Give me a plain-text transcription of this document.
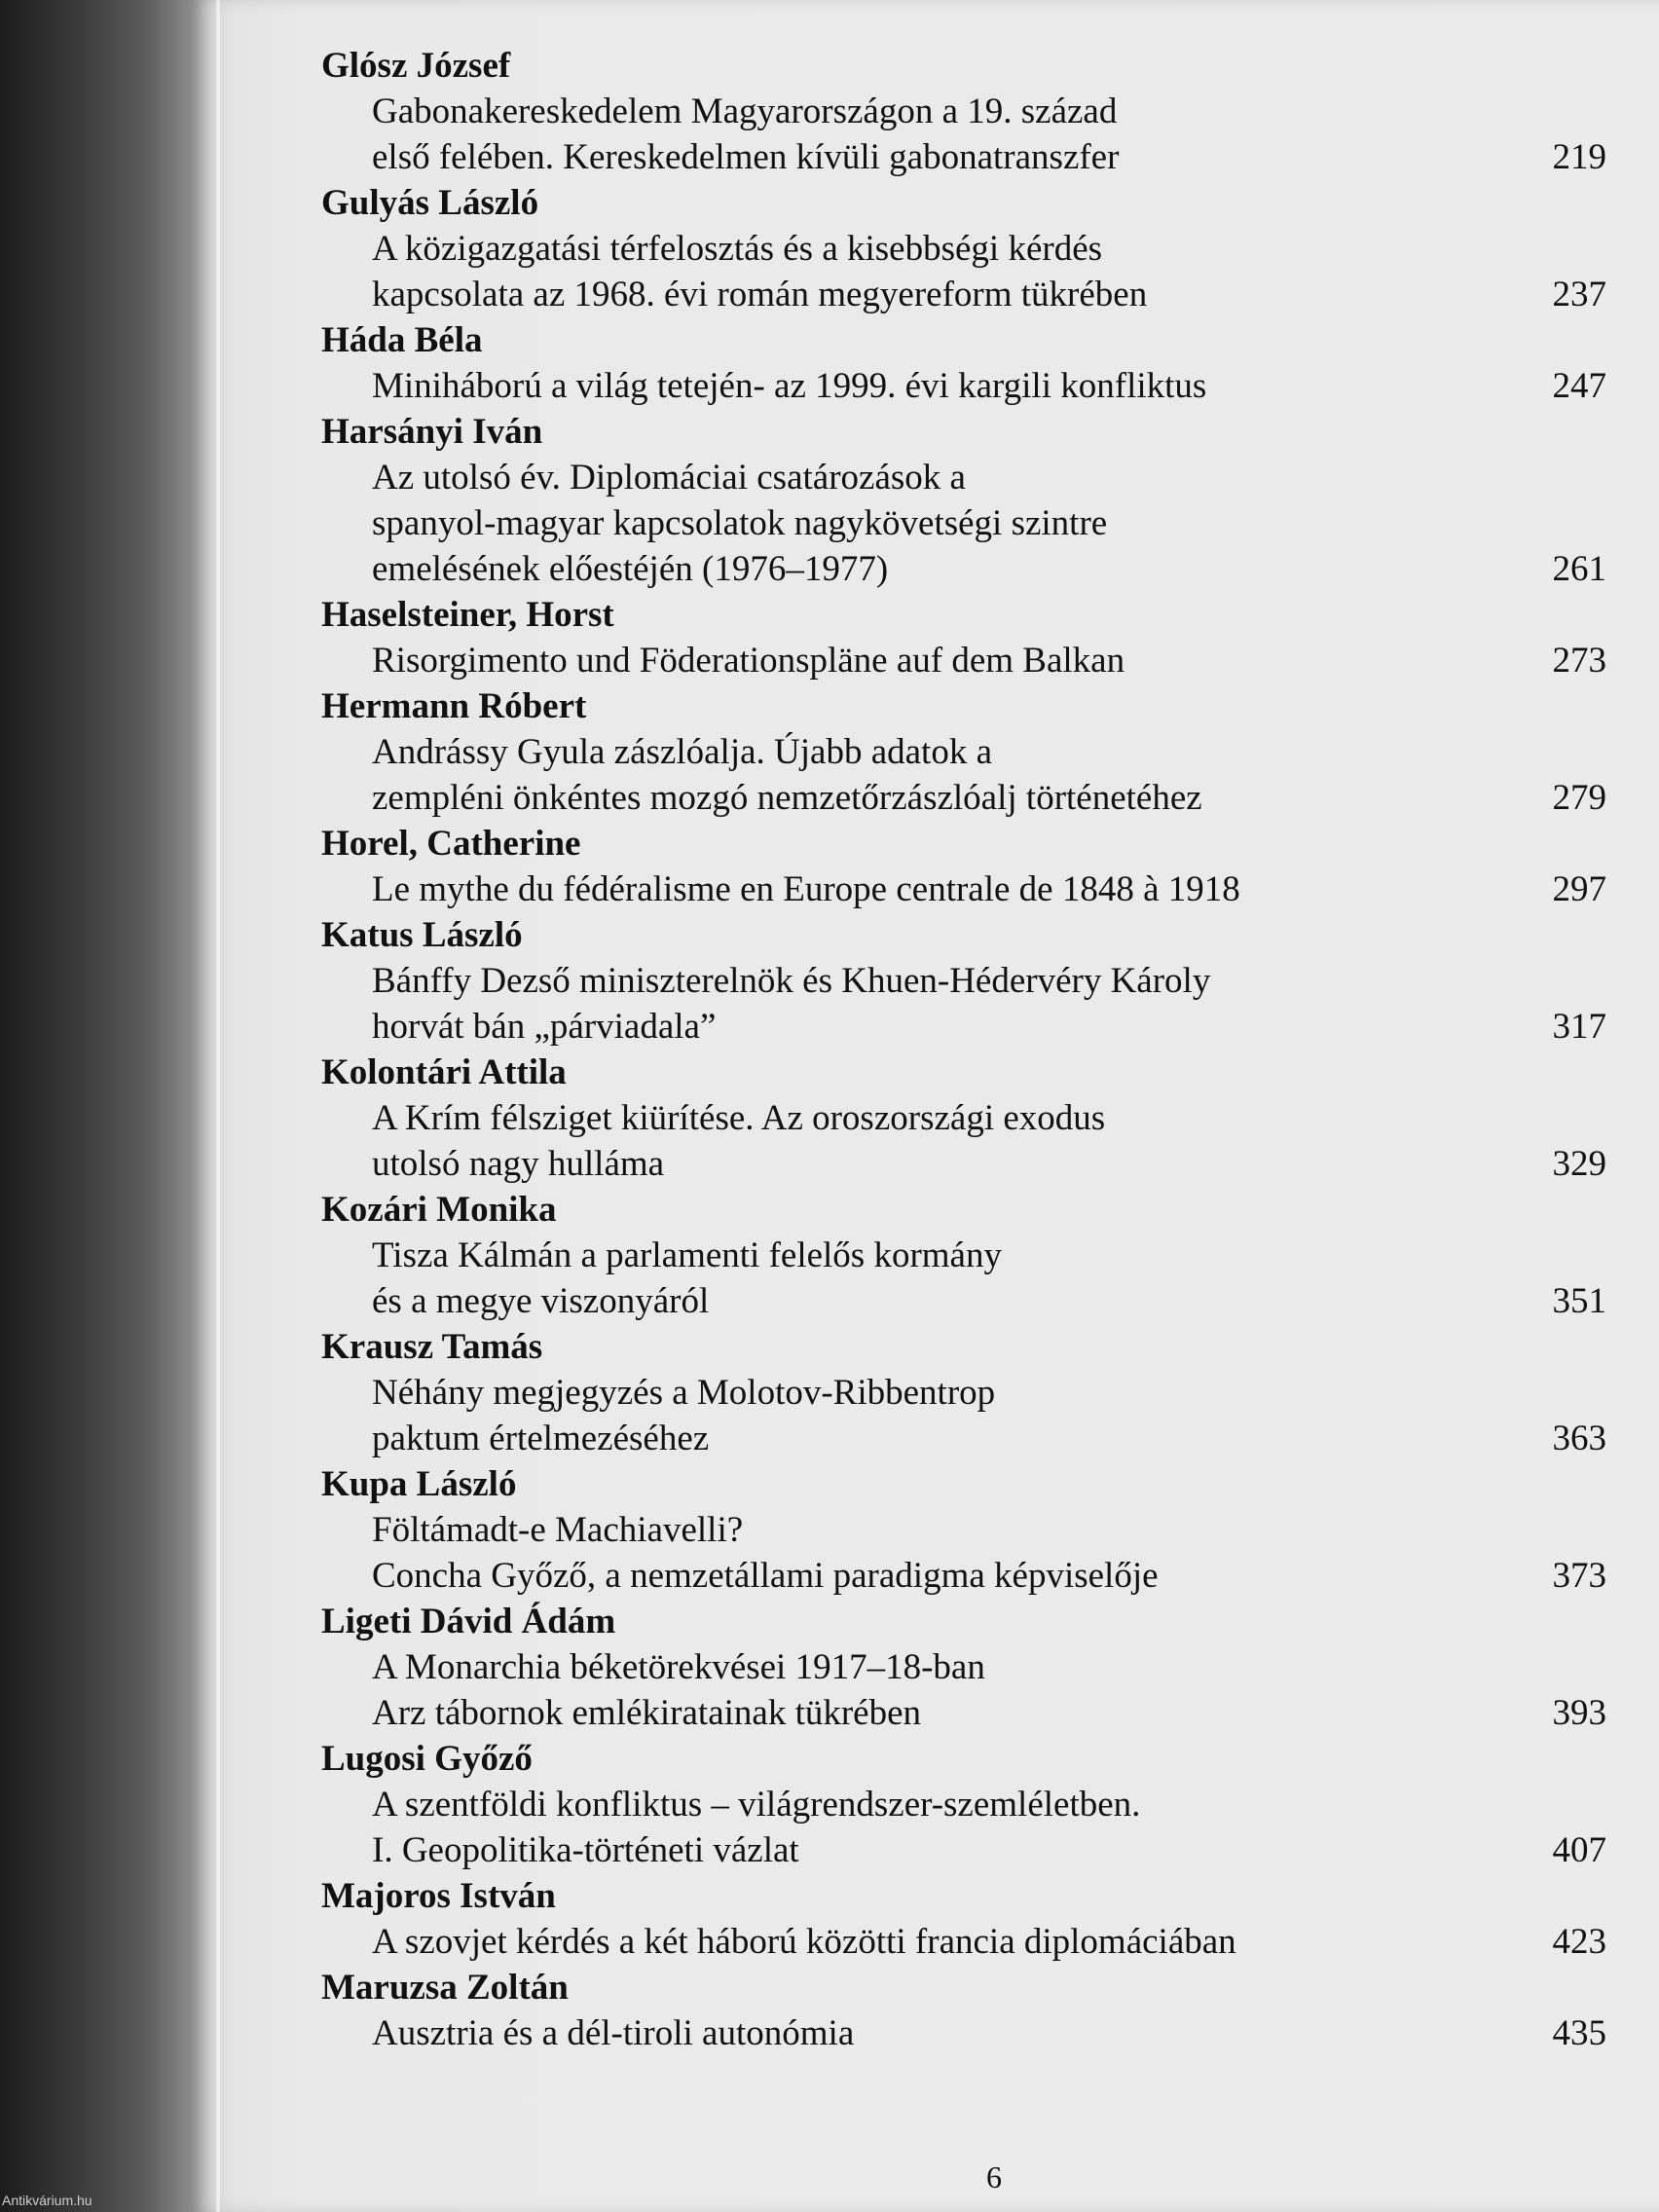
Glósz József
Gabonakereskedelem Magyarországon a 19. század
első felében. Kereskedelmen kívüli gabonatranszfer	219
Gulyás László
A közigazgatási térfelosztás és a kisebbségi kérdés
kapcsolata az 1968. évi román megyereform tükrében	237
Háda Béla
Miniháború a világ tetején- az 1999. évi kargili konfliktus	247
Harsányi Iván
Az utolsó év. Diplomáciai csatározások a
spanyol-magyar kapcsolatok nagykövetségi szintre
emelésének előestéjén (1976–1977)	261
Haselsteiner, Horst
Risorgimento und Föderationspläne auf dem Balkan	273
Hermann Róbert
Andrássy Gyula zászlóalja. Újabb adatok a
zempléni önkéntes mozgó nemzetőrzászlóalj történetéhez	279
Horel, Catherine
Le mythe du fédéralisme en Europe centrale de 1848 à 1918	297
Katus László
Bánffy Dezső miniszterelnök és Khuen-Hédervéry Károly
horvát bán „párviadala”	317
Kolontári Attila
A Krím félsziget kiürítése. Az oroszországi exodus
utolsó nagy hulláma	329
Kozári Monika
Tisza Kálmán a parlamenti felelős kormány
és a megye viszonyáról	351
Krausz Tamás
Néhány megjegyzés a Molotov-Ribbentrop
paktum értelmezéséhez	363
Kupa László
Föltámadt-e Machiavelli?
Concha Győző, a nemzetállami paradigma képviselője	373
Ligeti Dávid Ádám
A Monarchia béketörekvései 1917–18-ban
Arz tábornok emlékiratainak tükrében	393
Lugosi Győző
A szentföldi konfliktus – világrendszer-szemléletben.
I. Geopolitika-történeti vázlat	407
Majoros István
A szovjet kérdés a két háború közötti francia diplomáciában	423
Maruzsa Zoltán
Ausztria és a dél-tiroli autonómia	435
6
Antikvárium.hu
